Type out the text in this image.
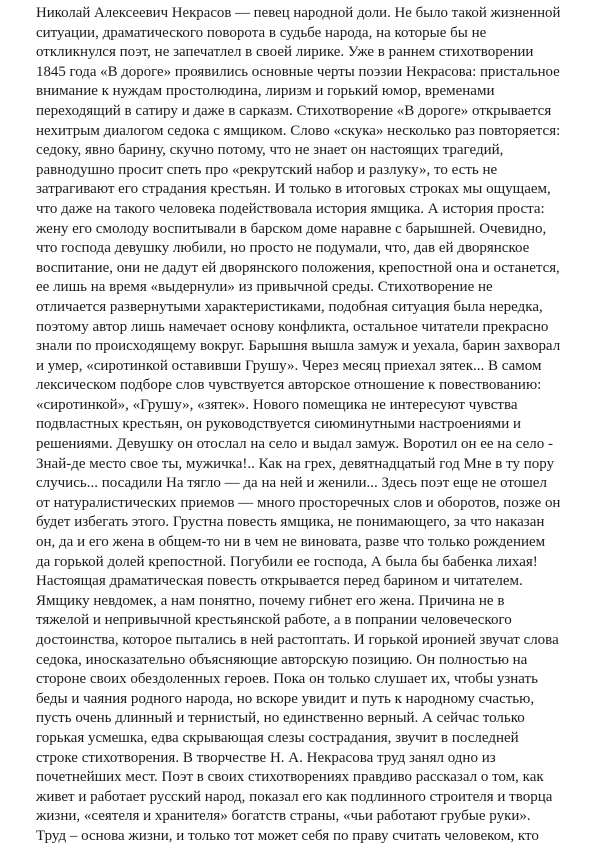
Николай Алексеевич Некрасов — певец народной доли. Не было такой жизненной
ситуации, драматического поворота в судьбе народа, на которые бы не
откликнулся поэт, не запечатлел в своей лирике. Уже в раннем стихотворении
1845 года «В дороге» проявились основные черты поэзии Некрасова: пристальное
внимание к нуждам простолюдина, лиризм и горький юмор, временами
переходящий в сатиру и даже в сарказм. Стихотворение «В дороге» открывается
нехитрым диалогом седока с ямщиком. Слово «скука» несколько раз повторяется:
седоку, явно барину, скучно потому, что не знает он настоящих трагедий,
равнодушно просит спеть про «рекрутский набор и разлуку», то есть не
затрагивают его страдания крестьян. И только в итоговых строках мы ощущаем,
что даже на такого человека подействовала история ямщика. А история проста:
жену его смолоду воспитывали в барском доме наравне с барышней. Очевидно,
что господа девушку любили, но просто не подумали, что, дав ей дворянское
воспитание, они не дадут ей дворянского положения, крепостной она и останется,
ее лишь на время «выдернули» из привычной среды. Стихотворение не
отличается развернутыми характеристиками, подобная ситуация была нередка,
поэтому автор лишь намечает основу конфликта, остальное читатели прекрасно
знали по происходящему вокруг. Барышня вышла замуж и уехала, барин захворал
и умер, «сиротинкой оставивши Грушу». Через месяц приехал зятек... В самом
лексическом подборе слов чувствуется авторское отношение к повествованию:
«сиротинкой», «Грушу», «зятек». Нового помещика не интересуют чувства
подвластных крестьян, он руководствуется сиюминутными настроениями и
решениями. Девушку он отослал на село и выдал замуж. Воротил он ее на село -
Знай-де место свое ты, мужичка!.. Как на грех, девятнадцатый год Мне в ту пору
случись... посадили На тягло — да на ней и женили... Здесь поэт еще не отошел
от натуралистических приемов — много просторечных слов и оборотов, позже он
будет избегать этого. Грустна повесть ямщика, не понимающего, за что наказан
он, да и его жена в общем-то ни в чем не виновата, разве что только рождением
да горькой долей крепостной. Погубили ее господа, А была бы бабенка лихая!
Настоящая драматическая повесть открывается перед барином и читателем.
Ямщику невдомек, а нам понятно, почему гибнет его жена. Причина не в
тяжелой и непривычной крестьянской работе, а в попрании человеческого
достоинства, которое пытались в ней растоптать. И горькой иронией звучат слова
седока, иносказательно объясняющие авторскую позицию. Он полностью на
стороне своих обездоленных героев. Пока он только слушает их, чтобы узнать
беды и чаяния родного народа, но вскоре увидит и путь к народному счастью,
пусть очень длинный и тернистый, но единственно верный. А сейчас только
горькая усмешка, едва скрывающая слезы сострадания, звучит в последней
строке стихотворения. В творчестве Н. А. Некрасова труд занял одно из
почетнейших мест. Поэт в своих стихотворениях правдиво рассказал о том, как
живет и работает русский народ, показал его как подлинного строителя и творца
жизни, «сеятеля и хранителя» богатств страны, «чьи работают грубые руки».
Труд – основа жизни, и только тот может себя по праву считать человеком, кто
